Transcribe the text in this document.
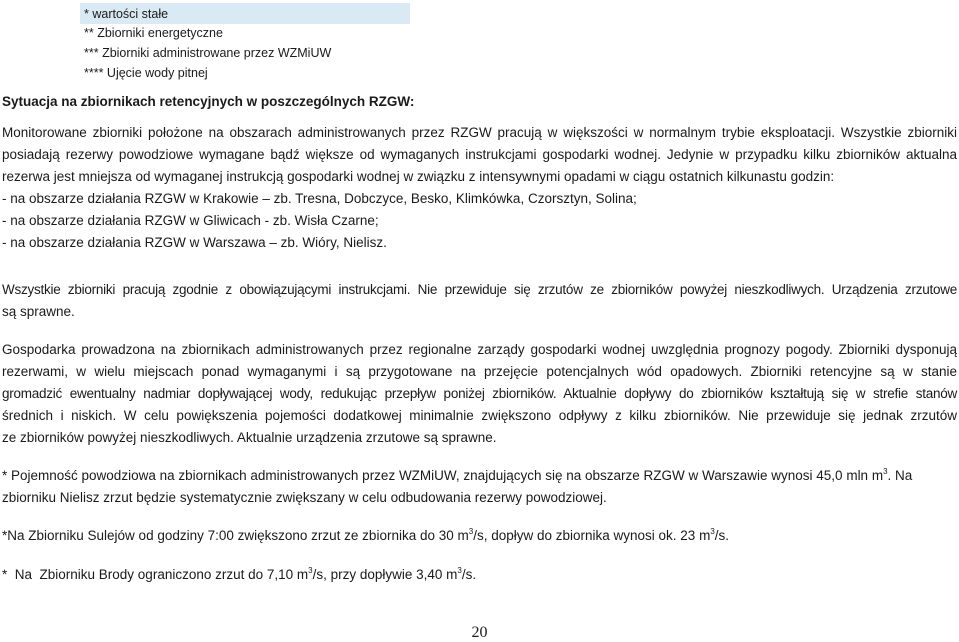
* wartości stałe
** Zbiorniki energetyczne
*** Zbiorniki administrowane przez WZMiUW
**** Ujęcie wody pitnej
Sytuacja na zbiornikach retencyjnych w poszczególnych RZGW:
Monitorowane zbiorniki położone na obszarach administrowanych przez RZGW pracują w większości w normalnym trybie eksploatacji. Wszystkie zbiorniki
posiadają rezerwy powodziowe wymagane bądź większe od wymaganych instrukcjami gospodarki wodnej. Jedynie w przypadku kilku zbiorników aktualna
rezerwa jest mniejsza od wymaganej instrukcją gospodarki wodnej w związku z intensywnymi opadami w ciągu ostatnich kilkunastu godzin:
- na obszarze działania RZGW w Krakowie – zb. Tresna, Dobczyce, Besko, Klimkówka, Czorsztyn, Solina;
- na obszarze działania RZGW w Gliwicach - zb. Wisła Czarne;
- na obszarze działania RZGW w Warszawa – zb. Wióry, Nielisz.
Wszystkie zbiorniki pracują zgodnie z obowiązującymi instrukcjami. Nie przewiduje się zrzutów ze zbiorników powyżej nieszkodliwych. Urządzenia zrzutowe
są sprawne.
Gospodarka prowadzona na zbiornikach administrowanych przez regionalne zarządy gospodarki wodnej uwzględnia prognozy pogody. Zbiorniki dysponują
rezerwami, w wielu miejscach ponad wymaganymi i są przygotowane na przejęcie potencjalnych wód opadowych. Zbiorniki retencyjne są w stanie
gromadzić ewentualny nadmiar dopływającej wody, redukując przepływ poniżej zbiorników. Aktualnie dopływy do zbiorników kształtują się w strefie stanów
średnich i niskich. W celu powiększenia pojemości dodatkowej minimalnie zwiększono odpływy z kilku zbiorników. Nie przewiduje się jednak zrzutów
ze zbiorników powyżej nieszkodliwych. Aktualnie urządzenia zrzutowe są sprawne.
* Pojemność powodziowa na zbiornikach administrowanych przez WZMiUW, znajdujących się na obszarze RZGW w Warszawie wynosi 45,0 mln $m^3$. Na
zbiorniku Nielisz zrzut będzie systematycznie zwiększany w celu odbudowania rezerwy powodziowej.
*Na Zbiorniku Sulejów od godziny 7:00 zwiększono zrzut ze zbiornika do 30 $m^3/s$, dopływ do zbiornika wynosi ok. 23 $m^3/s$.
*  Na  Zbiorniku Brody ograniczono zrzut do 7,10 $m^3/s$, przy dopływie 3,40 $m^3/s$.
20
